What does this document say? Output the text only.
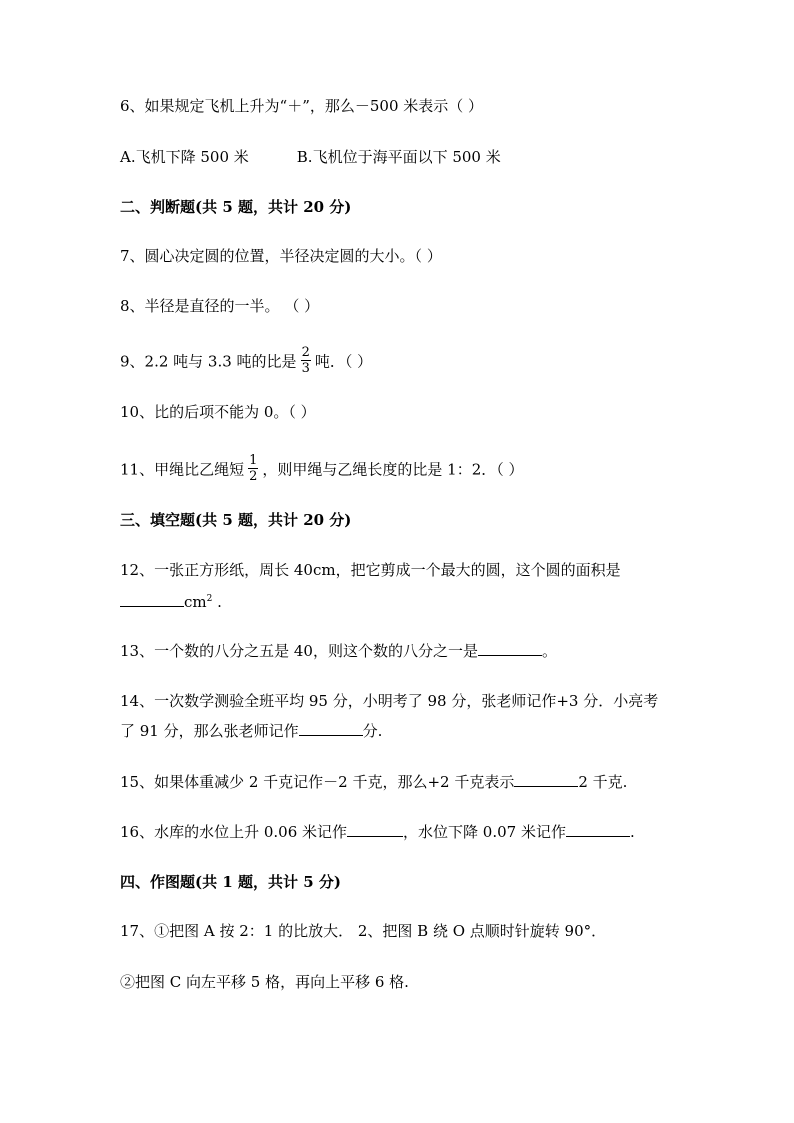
6、如果规定飞机上升为“＋”，那么－500 米表示（ ）
A.飞机下降 500 米	B.飞机位于海平面以下 500 米
二、判断题(共 5 题，共计 20 分)
7、圆心决定圆的位置，半径决定圆的大小。（ ）
8、半径是直径的一半。 （ ）
9、2.2 吨与 3.3 吨的比是 $\frac{2}{3}$ 吨．（ ）
10、比的后项不能为 0。（ ）
11、甲绳比乙绳短 $\frac{1}{2}$ ，则甲绳与乙绳长度的比是 1：2．（ ）
三、填空题(共 5 题，共计 20 分)
12、一张正方形纸，周长 40cm，把它剪成一个最大的圆，这个圆的面积是
$cm^2$ .
13、一个数的八分之五是 40，则这个数的八分之一是	。
14、一次数学测验全班平均 95 分，小明考了 98 分，张老师记作+3 分．小亮考
了 91 分，那么张老师记作	分.
15、如果体重减少 2 千克记作－2 千克，那么+2 千克表示	2 千克.
16、水库的水位上升 0.06 米记作	，水位下降 0.07 米记作	.
四、作图题(共 1 题，共计 5 分)
17、①把图 A 按 2：1 的比放大． 2、把图 B 绕 O 点顺时针旋转 90°．
②把图 C 向左平移 5 格，再向上平移 6 格.
